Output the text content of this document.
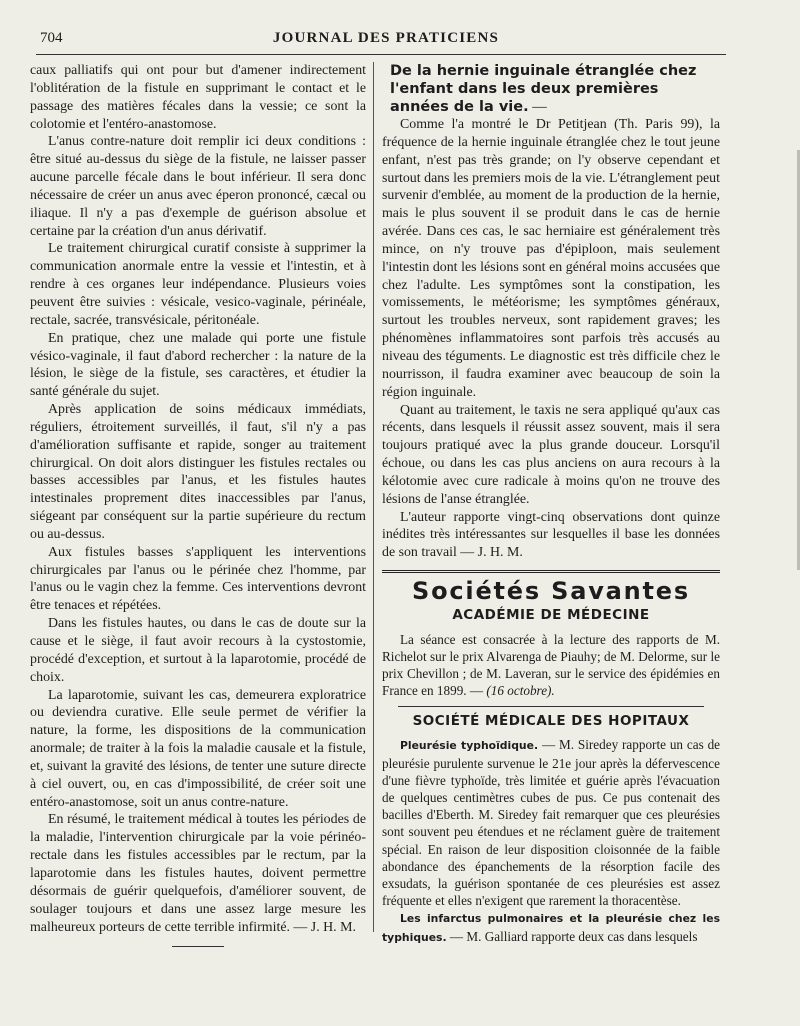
704	JOURNAL DES PRATICIENS

caux palliatifs qui ont pour but d'amener indirectement l'oblitération de la fistule en supprimant le contact et le passage des matières fécales dans la vessie; ce sont la colotomie et l'entéro-anastomose.

L'anus contre-nature doit remplir ici deux conditions : être situé au-dessus du siège de la fistule, ne laisser passer aucune parcelle fécale dans le bout inférieur. Il sera donc nécessaire de créer un anus avec éperon prononcé, cæcal ou iliaque. Il n'y a pas d'exemple de guérison absolue et certaine par la création d'un anus dérivatif.

Le traitement chirurgical curatif consiste à supprimer la communication anormale entre la vessie et l'intestin, et à rendre à ces organes leur indépendance. Plusieurs voies peuvent être suivies : vésicale, vesico-vaginale, périnéale, rectale, sacrée, transvésicale, péritonéale.

En pratique, chez une malade qui porte une fistule vésico-vaginale, il faut d'abord rechercher : la nature de la lésion, le siège de la fistule, ses caractères, et étudier la santé générale du sujet.

Après application de soins médicaux immédiats, réguliers, étroitement surveillés, il faut, s'il n'y a pas d'amélioration suffisante et rapide, songer au traitement chirurgical. On doit alors distinguer les fistules rectales ou basses accessibles par l'anus, et les fistules hautes intestinales proprement dites inaccessibles par l'anus, siégeant par conséquent sur la partie supérieure du rectum ou au-dessus.

Aux fistules basses s'appliquent les interventions chirurgicales par l'anus ou le périnée chez l'homme, par l'anus ou le vagin chez la femme. Ces interventions devront être tenaces et répétées.

Dans les fistules hautes, ou dans le cas de doute sur la cause et le siège, il faut avoir recours à la cystostomie, procédé d'exception, et surtout à la laparotomie, procédé de choix.

La laparotomie, suivant les cas, demeurera exploratrice ou deviendra curative. Elle seule permet de vérifier la nature, la forme, les dispositions de la communication anormale; de traiter à la fois la maladie causale et la fistule, et, suivant la gravité des lésions, de tenter une suture directe à ciel ouvert, ou, en cas d'impossibilité, de créer soit une entéro-anastomose, soit un anus contre-nature.

En résumé, le traitement médical à toutes les périodes de la maladie, l'intervention chirurgicale par la voie périnéo-rectale dans les fistules accessibles par le rectum, par la laparotomie dans les fistules hautes, doivent permettre désormais de guérir quelquefois, d'améliorer souvent, de soulager toujours et dans une assez large mesure les malheureux porteurs de cette terrible infirmité. — J. H. M.

De la hernie inguinale étranglée chez l'enfant dans les deux premières années de la vie. —

Comme l'a montré le Dr Petitjean (Th. Paris 99), la fréquence de la hernie inguinale étranglée chez le tout jeune enfant, n'est pas très grande; on l'y observe cependant et surtout dans les premiers mois de la vie. L'étranglement peut survenir d'emblée, au moment de la production de la hernie, mais le plus souvent il se produit dans le cas de hernie avérée. Dans ces cas, le sac herniaire est généralement très mince, on n'y trouve pas d'épiploon, mais seulement l'intestin dont les lésions sont en général moins accusées que chez l'adulte. Les symptômes sont la constipation, les vomissements, le météorisme; les symptômes généraux, surtout les troubles nerveux, sont rapidement graves; les phénomènes inflammatoires sont parfois très accusés au niveau des téguments. Le diagnostic est très difficile chez le nourrisson, il faudra examiner avec beaucoup de soin la région inguinale.

Quant au traitement, le taxis ne sera appliqué qu'aux cas récents, dans lesquels il réussit assez souvent, mais il sera toujours pratiqué avec la plus grande douceur. Lorsqu'il échoue, ou dans les cas plus anciens on aura recours à la kélotomie avec cure radicale à moins qu'on ne trouve des lésions de l'anse étranglée.

L'auteur rapporte vingt-cinq observations dont quinze inédites très intéressantes sur lesquelles il base les données de son travail — J. H. M.

Sociétés Savantes
ACADÉMIE DE MÉDECINE

La séance est consacrée à la lecture des rapports de M. Richelot sur le prix Alvarenga de Piauhy; de M. Delorme, sur le prix Chevillon ; de M. Laveran, sur le service des épidémies en France en 1899. — (16 octobre).

SOCIÉTÉ MÉDICALE DES HOPITAUX

Pleurésie typhoïdique. — M. Siredey rapporte un cas de pleurésie purulente survenue le 21e jour après la défervescence d'une fièvre typhoïde, très limitée et guérie après l'évacuation de quelques centimètres cubes de pus. Ce pus contenait des bacilles d'Eberth. M. Siredey fait remarquer que ces pleurésies sont souvent peu étendues et ne réclament guère de traitement spécial. En raison de leur disposition cloisonnée de la faible abondance des épanchements de la résorption facile des exsudats, la guérison spontanée de ces pleurésies est assez fréquente et elles n'exigent que rarement la thoracentèse.

Les infarctus pulmonaires et la pleurésie chez les typhiques. — M. Galliard rapporte deux cas dans lesquels
